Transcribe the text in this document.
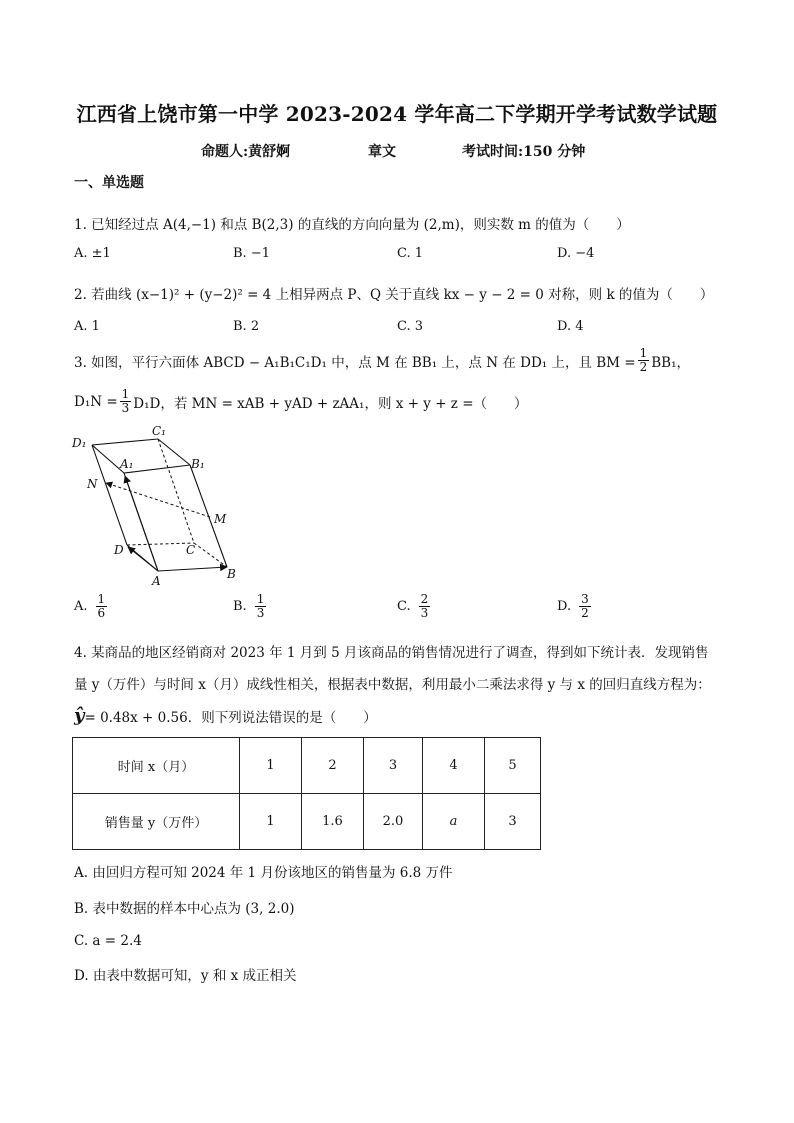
江西省上饶市第一中学 2023-2024 学年高二下学期开学考试数学试题
命题人:黄舒婀	章文	考试时间:150 分钟
一、单选题
1. 已知经过点 A(4,−1) 和点 B(2,3) 的直线的方向向量为 (2,m)，则实数 m 的值为（　　）
A. ±1	B. −1	C. 1	D. −4
2. 若曲线 (x−1)² + (y−2)² = 4 上相异两点 P、Q 关于直线 kx − y − 2 = 0 对称，则 k 的值为（　　）
A. 1	B. 2	C. 3	D. 4
3. 如图，平行六面体 ABCD − A₁B₁C₁D₁ 中，点 M 在 BB₁ 上，点 N 在 DD₁ 上，且 BM = $\frac{1}{2} BB_1$，
$D_1N = \frac{1}{3} D_1D$，若 MN = xAB + yAD + zAA₁，则 x + y + z =（　　）
D₁
C₁
A₁	B₁
N
M
D	C
A	B
A. $\frac{1}{6}$	B. $\frac{1}{3}$	C. $\frac{2}{3}$	D. $\frac{3}{2}$
4. 某商品的地区经销商对 2023 年 1 月到 5 月该商品的销售情况进行了调查，得到如下统计表．发现销售
量 y（万件）与时间 x（月）成线性相关，根据表中数据，利用最小二乘法求得 y 与 x 的回归直线方程为：
ŷ = 0.48x + 0.56．则下列说法错误的是（　　）
时间 x（月）	1	2	3	4	5
销售量 y（万件）	1	1.6	2.0	a	3
A. 由回归方程可知 2024 年 1 月份该地区的销售量为 6.8 万件
B. 表中数据的样本中心点为 (3, 2.0)
C. a = 2.4
D. 由表中数据可知，y 和 x 成正相关
